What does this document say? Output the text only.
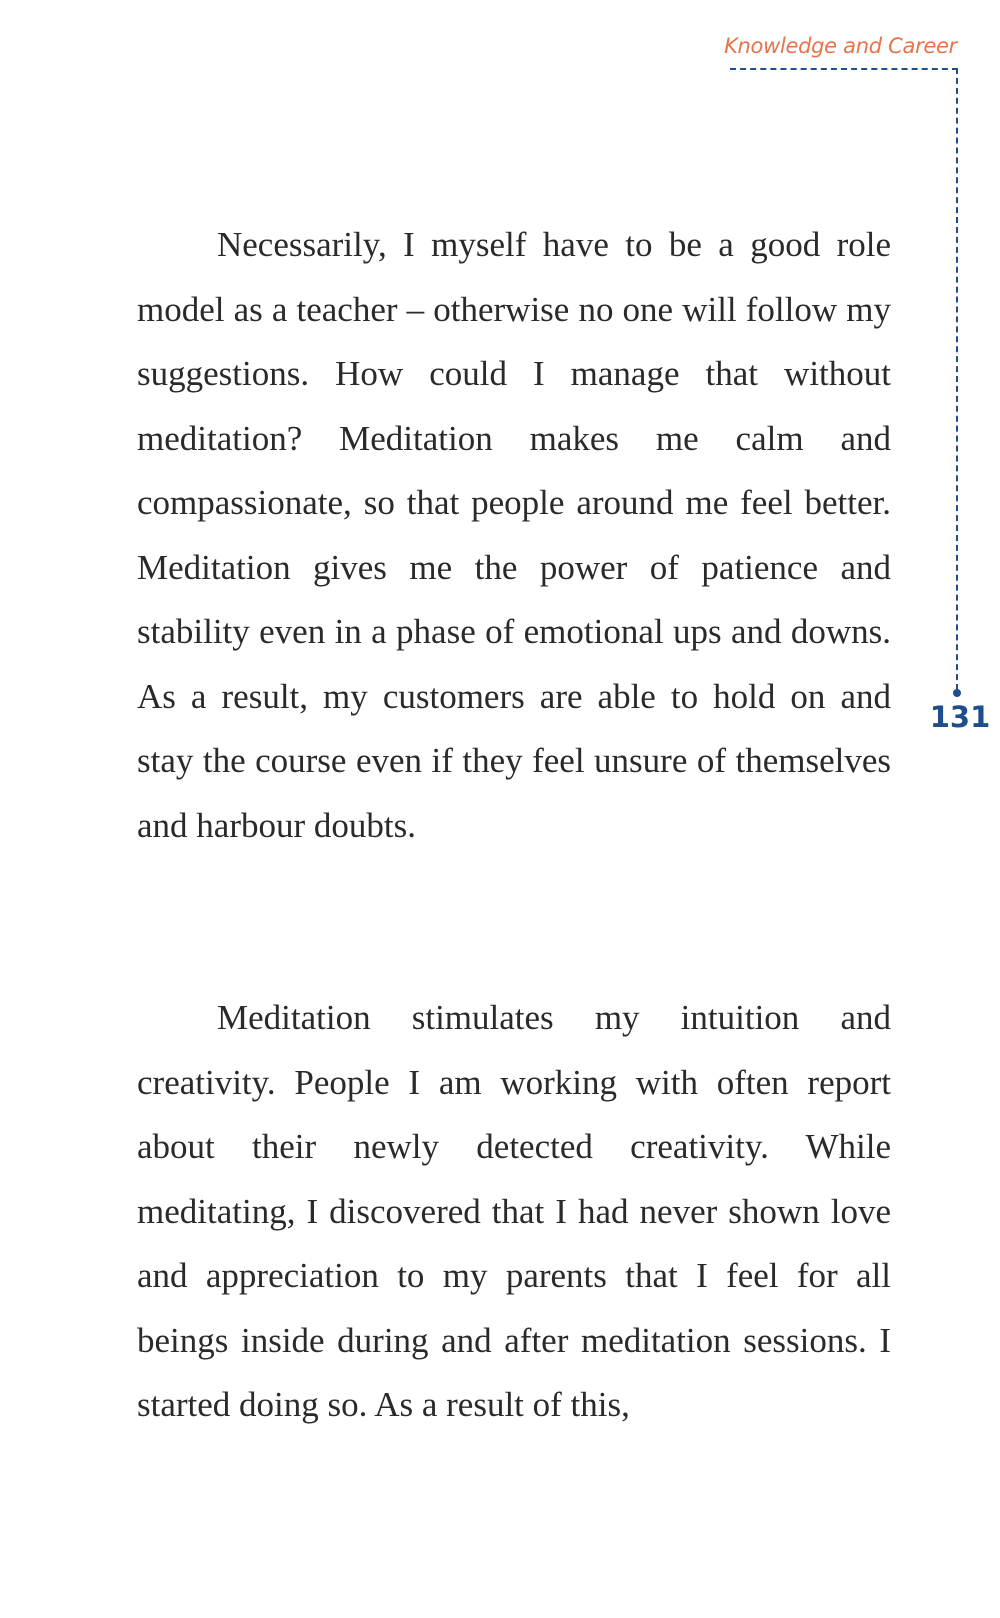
Knowledge and Career
131

Necessarily, I myself have to be a good role model as a teacher – otherwise no one will follow my suggestions. How could I manage that without meditation? Meditation makes me calm and compassionate, so that people around me feel better. Meditation gives me the power of patience and stability even in a phase of emotional ups and downs. As a result, my customers are able to hold on and stay the course even if they feel unsure of themselves and harbour doubts.

Meditation stimulates my intuition and creativity. People I am working with often report about their newly detected creativity. While meditating, I discovered that I had never shown love and appreciation to my parents that I feel for all beings inside during and after meditation sessions. I started doing so. As a result of this,
